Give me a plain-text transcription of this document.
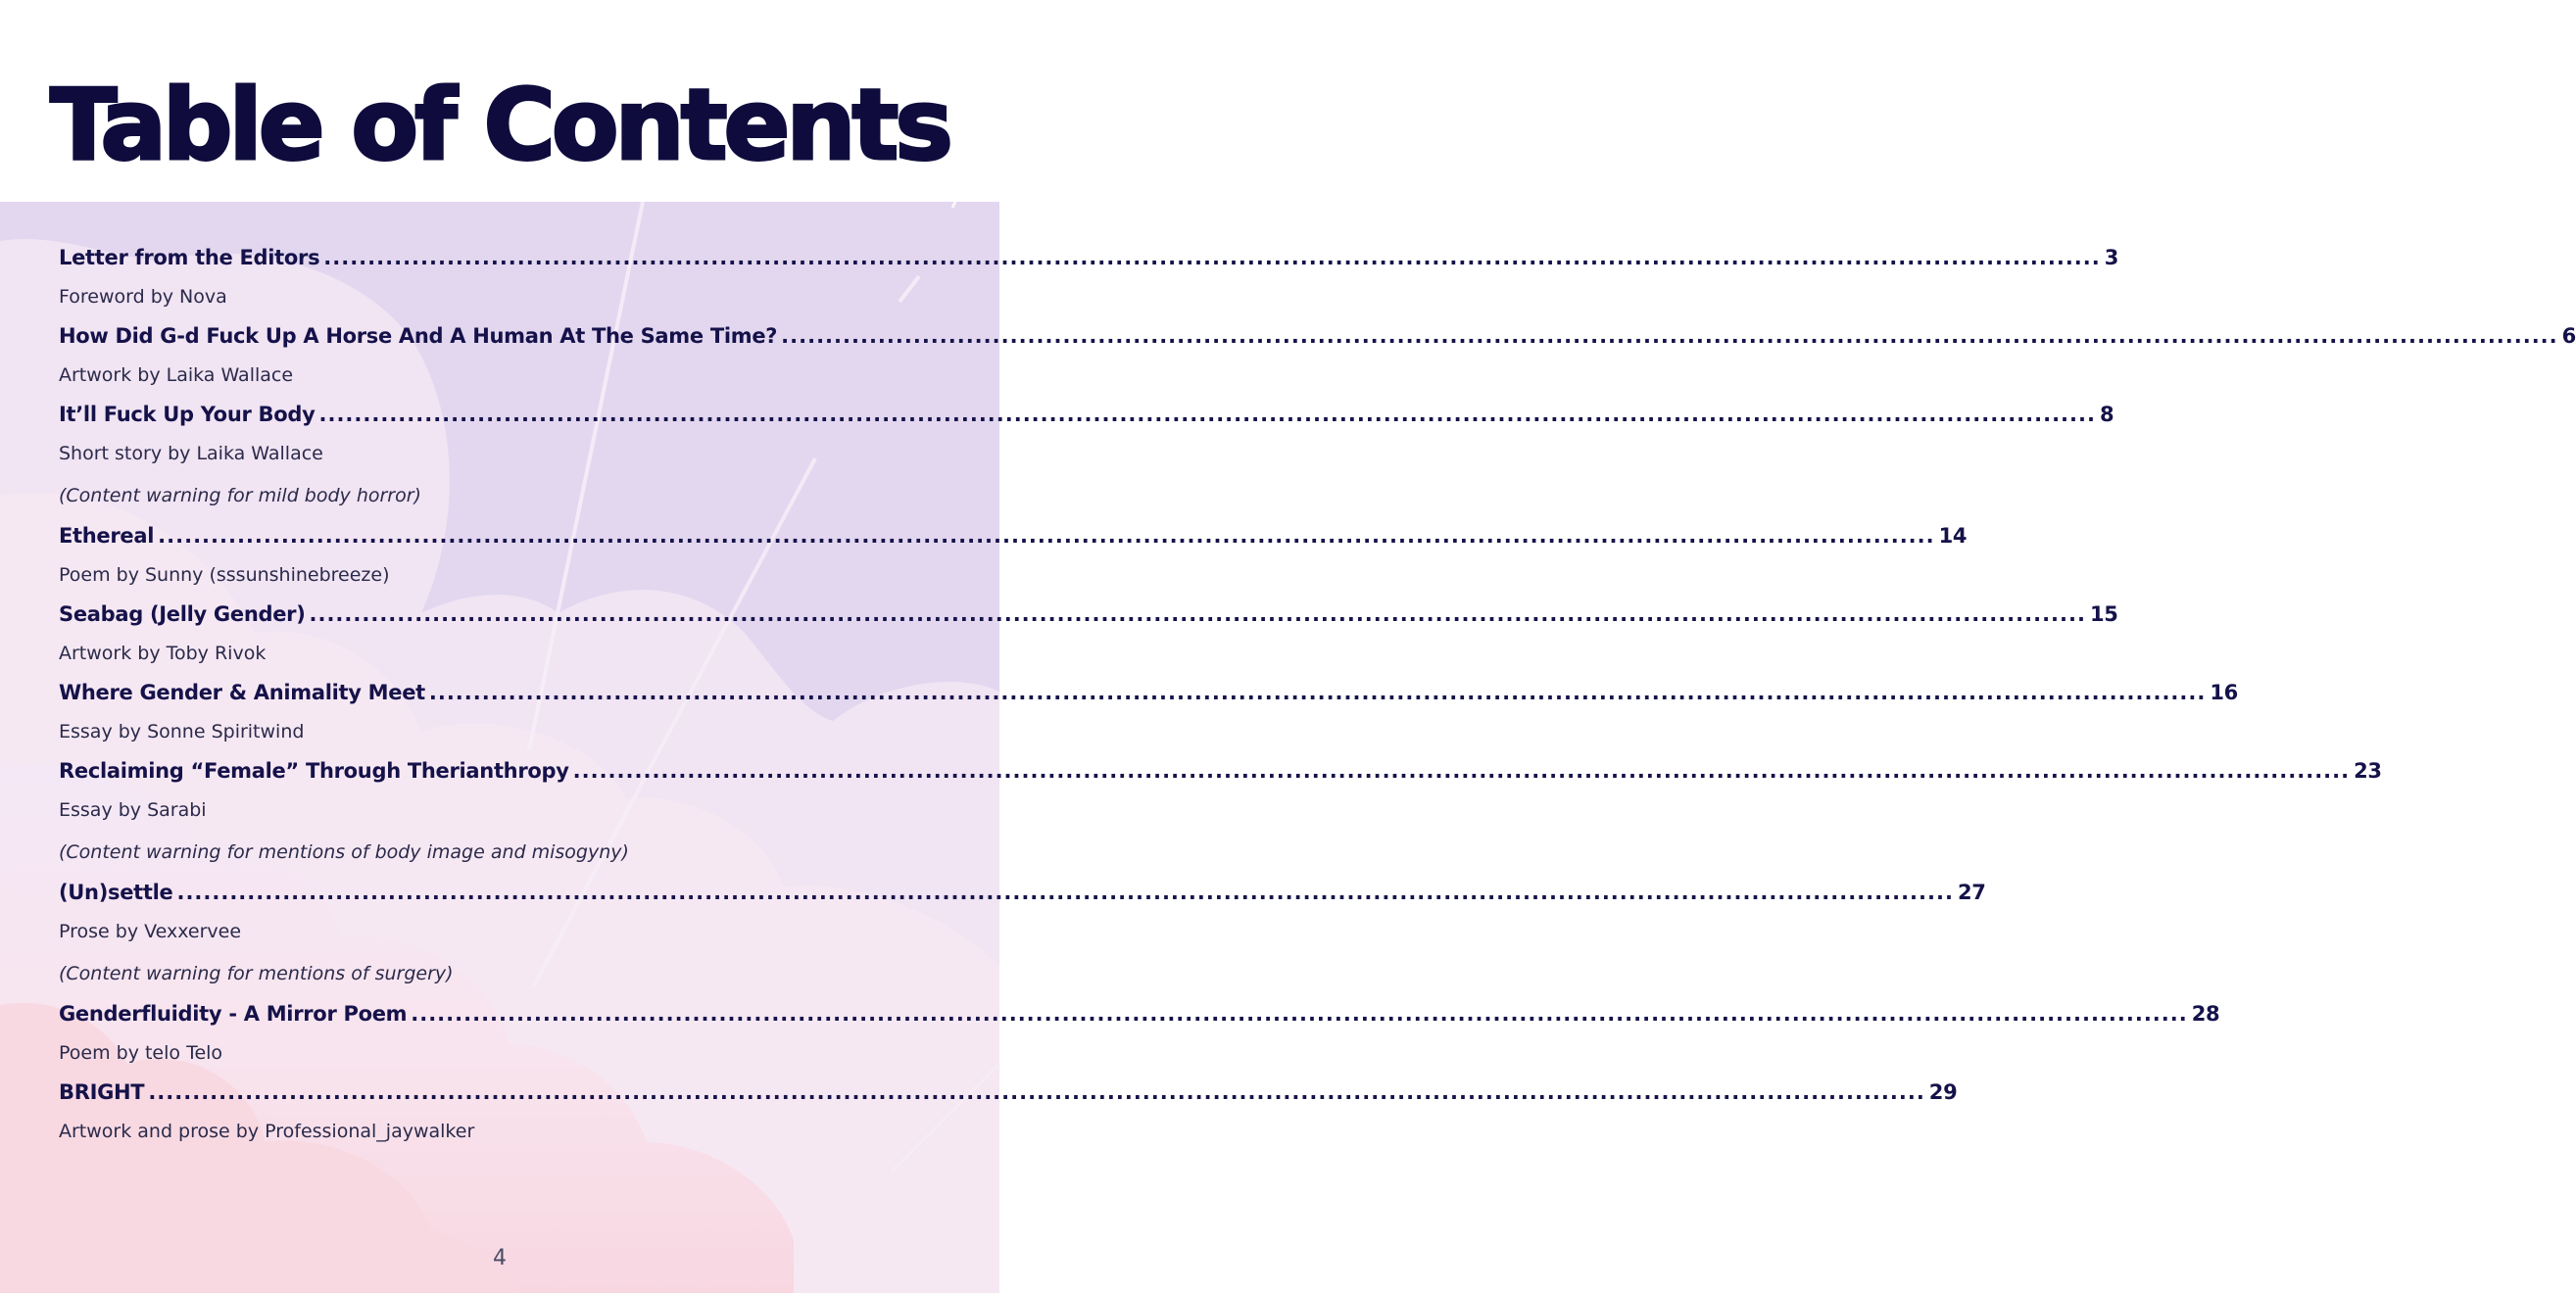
Table of Contents
Letter from the Editors .......................................................................................................................................................................................................... 3
Foreword by Nova
How Did G-d Fuck Up A Horse And A Human At The Same Time? .......................................................................................................................................................................................................... 6
Artwork by Laika Wallace
It’ll Fuck Up Your Body .......................................................................................................................................................................................................... 8
Short story by Laika Wallace
(Content warning for mild body horror)
Ethereal .......................................................................................................................................................................................................... 14
Poem by Sunny (sssunshinebreeze)
Seabag (Jelly Gender) .......................................................................................................................................................................................................... 15
Artwork by Toby Rivok
Where Gender & Animality Meet .......................................................................................................................................................................................................... 16
Essay by Sonne Spiritwind
Reclaiming “Female” Through Therianthropy .......................................................................................................................................................................................................... 23
Essay by Sarabi
(Content warning for mentions of body image and misogyny)
(Un)settle .......................................................................................................................................................................................................... 27
Prose by Vexxervee
(Content warning for mentions of surgery)
Genderfluidity - A Mirror Poem .......................................................................................................................................................................................................... 28
Poem by telo Telo
BRIGHT .......................................................................................................................................................................................................... 29
Artwork and prose by Professional_jaywalker
4
